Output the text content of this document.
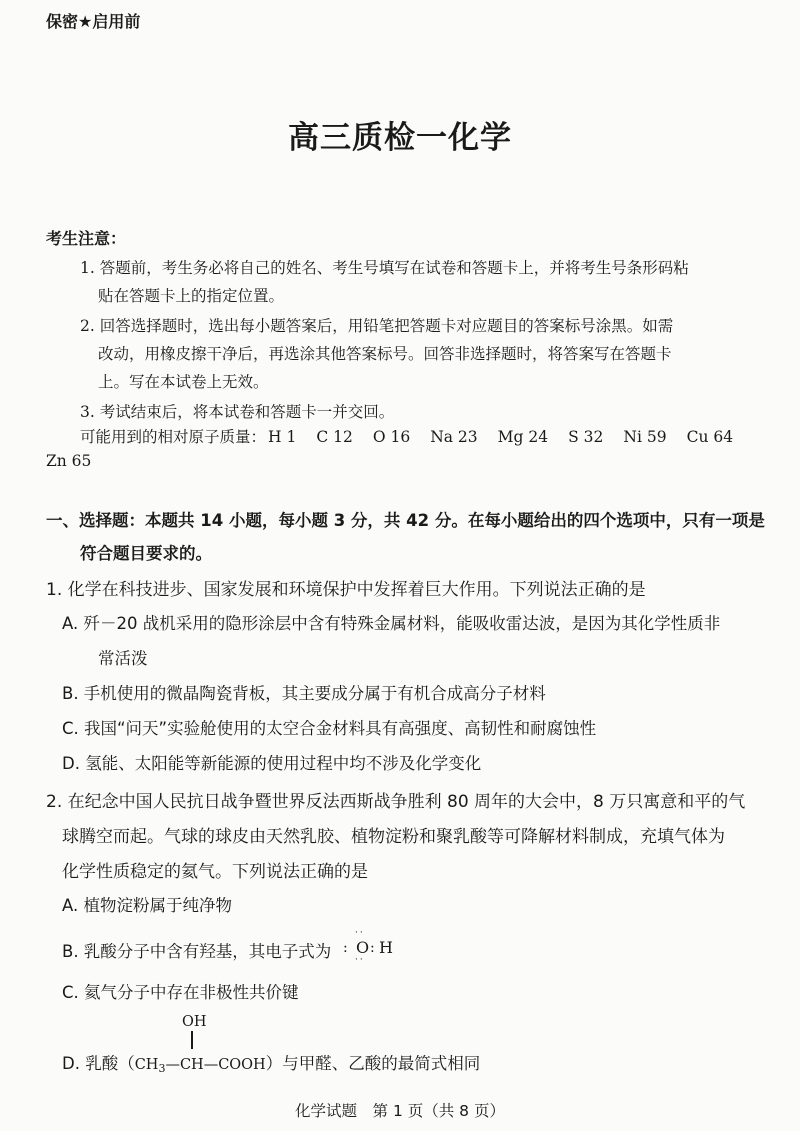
保密★启用前
高三质检一化学
考生注意：
1. 答题前，考生务必将自己的姓名、考生号填写在试卷和答题卡上，并将考生号条形码粘
贴在答题卡上的指定位置。
2. 回答选择题时，选出每小题答案后，用铅笔把答题卡对应题目的答案标号涂黑。如需
改动，用橡皮擦干净后，再选涂其他答案标号。回答非选择题时，将答案写在答题卡
上。写在本试卷上无效。
3. 考试结束后，将本试卷和答题卡一并交回。
可能用到的相对原子质量： H 1 C 12 O 16 Na 23 Mg 24 S 32 Ni 59 Cu 64
Zn 65
一、选择题：本题共 14 小题，每小题 3 分，共 42 分。在每小题给出的四个选项中，只有一项是
符合题目要求的。
1. 化学在科技进步、国家发展和环境保护中发挥着巨大作用。下列说法正确的是
A. 歼－20 战机采用的隐形涂层中含有特殊金属材料，能吸收雷达波，是因为其化学性质非
常活泼
B. 手机使用的微晶陶瓷背板，其主要成分属于有机合成高分子材料
C. 我国“问天”实验舱使用的太空合金材料具有高强度、高韧性和耐腐蚀性
D. 氢能、太阳能等新能源的使用过程中均不涉及化学变化
2. 在纪念中国人民抗日战争暨世界反法西斯战争胜利 80 周年的大会中，8 万只寓意和平的气
球腾空而起。气球的球皮由天然乳胶、植物淀粉和聚乳酸等可降解材料制成，充填气体为
化学性质稳定的氦气。下列说法正确的是
A. 植物淀粉属于纯净物
B. 乳酸分子中含有羟基，其电子式为 :
··
O
··
: H
C. 氦气分子中存在非极性共价键
OH
D. 乳酸（CH3—CH—COOH）与甲醛、乙酸的最简式相同
化学试题　第 1 页（共 8 页）
